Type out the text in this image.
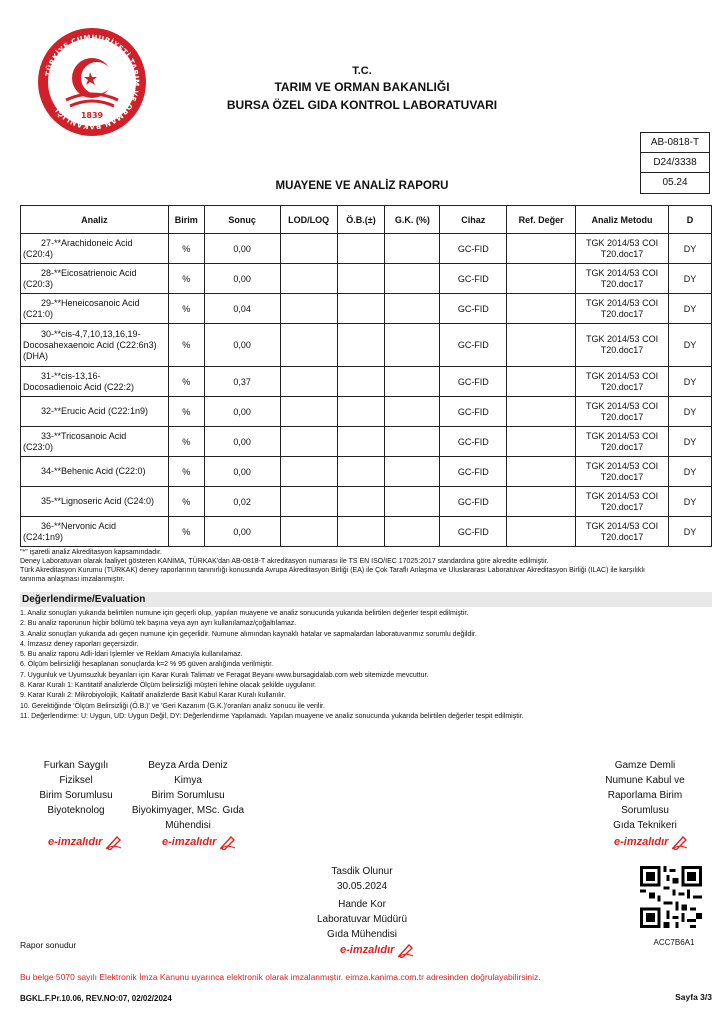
TÜRKİYE CUMHURİYETİ TARIM VE ORMAN BAKANLIĞI
1839
T.C.
TARIM VE ORMAN BAKANLIĞI
BURSA ÖZEL GIDA KONTROL LABORATUVARI
AB-0818-T
D24/3338
05.24
MUAYENE VE ANALİZ RAPORU
Analiz	Birim	Sonuç	LOD/LOQ	Ö.B.(±)	G.K. (%)	Cihaz	Ref. Değer	Analiz Metodu	D
27-**Arachidoneic Acid
(C20:4)	%	0,00				GC-FID		TGK 2014/53 COI
T20.doc17	DY
28-**Eicosatrienoic Acid
(C20:3)	%	0,00				GC-FID		TGK 2014/53 COI
T20.doc17	DY
29-**Heneicosanoic Acid
(C21:0)	%	0,04				GC-FID		TGK 2014/53 COI
T20.doc17	DY
30-**cis-4,7,10,13,16,19-
Docosahexaenoic Acid (C22:6n3)
(DHA)	%	0,00				GC-FID		TGK 2014/53 COI
T20.doc17	DY
31-**cis-13,16-
Docosadienoic Acid (C22:2)	%	0,37				GC-FID		TGK 2014/53 COI
T20.doc17	DY
32-**Erucic Acid (C22:1n9)	%	0,00				GC-FID		TGK 2014/53 COI
T20.doc17	DY
33-**Tricosanoic Acid
(C23:0)	%	0,00				GC-FID		TGK 2014/53 COI
T20.doc17	DY
34-**Behenic Acid (C22:0)	%	0,00				GC-FID		TGK 2014/53 COI
T20.doc17	DY
35-**Lignoseric Acid (C24:0)	%	0,02				GC-FID		TGK 2014/53 COI
T20.doc17	DY
36-**Nervonic Acid
(C24:1n9)	%	0,00				GC-FID		TGK 2014/53 COI
T20.doc17	DY
"*" işaretli analiz Akreditasyon kapsamındadır.
Deney Laboratuvarı olarak faaliyet gösteren KANİMA, TÜRKAK'dan AB-0818-T akreditasyon numarası ile TS EN ISO/IEC 17025:2017 standardına göre akredite edilmiştir.
Türk Akreditasyon Kurumu (TÜRKAK) deney raporlarının tanınırlığı konusunda Avrupa Akreditasyon Birliği (EA) ile Çok Taraflı Anlaşma ve Uluslararası Laboratuvar Akreditasyon Birliği (ILAC) ile karşılıklı
tanınma anlaşması imzalanmıştır.
Değerlendirme/Evaluation
1. Analiz sonuçları yukarıda belirtilen numune için geçerli olup, yapılan muayene ve analiz sonucunda yukarıda belirtilen değerler tespit edilmiştir.
2. Bu analiz raporunun hiçbir bölümü tek başına veya ayrı ayrı kullanılamaz/çoğaltılamaz.
3. Analiz sonuçları yukarıda adı geçen numune için geçerlidir. Numune alımından kaynaklı hatalar ve sapmalardan laboratuvarımız sorumlu değildir.
4. İmzasız deney raporları geçersizdir.
5. Bu analiz raporu Adli-İdari İşlemler ve Reklam Amacıyla kullanılamaz.
6. Ölçüm belirsizliği hesaplanan sonuçlarda k=2 % 95 güven aralığında verilmiştir.
7. Uygunluk ve Uyumsuzluk beyanları için Karar Kuralı Talimatı ve Feragat Beyanı www.bursagidalab.com web sitemizde mevcuttur.
8. Karar Kuralı 1: Kantitatif analizlerde Ölçüm belirsizliği müşteri lehine olacak şekilde uygulanır.
9. Karar Kuralı 2: Mikrobiyolojik, Kalitatif analizlerde Basit Kabul Karar Kuralı kullanılır.
10. Gerektiğinde 'Ölçüm Belirsizliği (Ö.B.)' ve 'Geri Kazanım (G.K.)'oranları analiz sonucu ile verilir.
11. Değerlendirme: U: Uygun, UD: Uygun Değil, DY: Değerlendirme Yapılamadı. Yapılan muayene ve analiz sonucunda yukarıda belirtilen değerler tespit edilmiştir.
Furkan Saygılı
Fiziksel
Birim Sorumlusu
Biyoteknolog
e-imzalıdır
Beyza Arda Deniz
Kimya
Birim Sorumlusu
Biyokimyager, MSc. Gıda
Mühendisi
e-imzalıdır
Gamze Demli
Numune Kabul ve
Raporlama Birim
Sorumlusu
Gıda Teknikeri
e-imzalıdır
Tasdik Olunur
30.05.2024
Hande Kor
Laboratuvar Müdürü
Gıda Mühendisi
e-imzalıdır
ACC7B6A1
Rapor sonudur
Bu belge 5070 sayılı Elektronik İmza Kanunu uyarınca elektronik olarak imzalanmıştır. eimza.kanima.com.tr adresinden doğrulayabilirsiniz.
BGKL.F.Pr.10.06, REV.NO:07, 02/02/2024	Sayfa 3/3
